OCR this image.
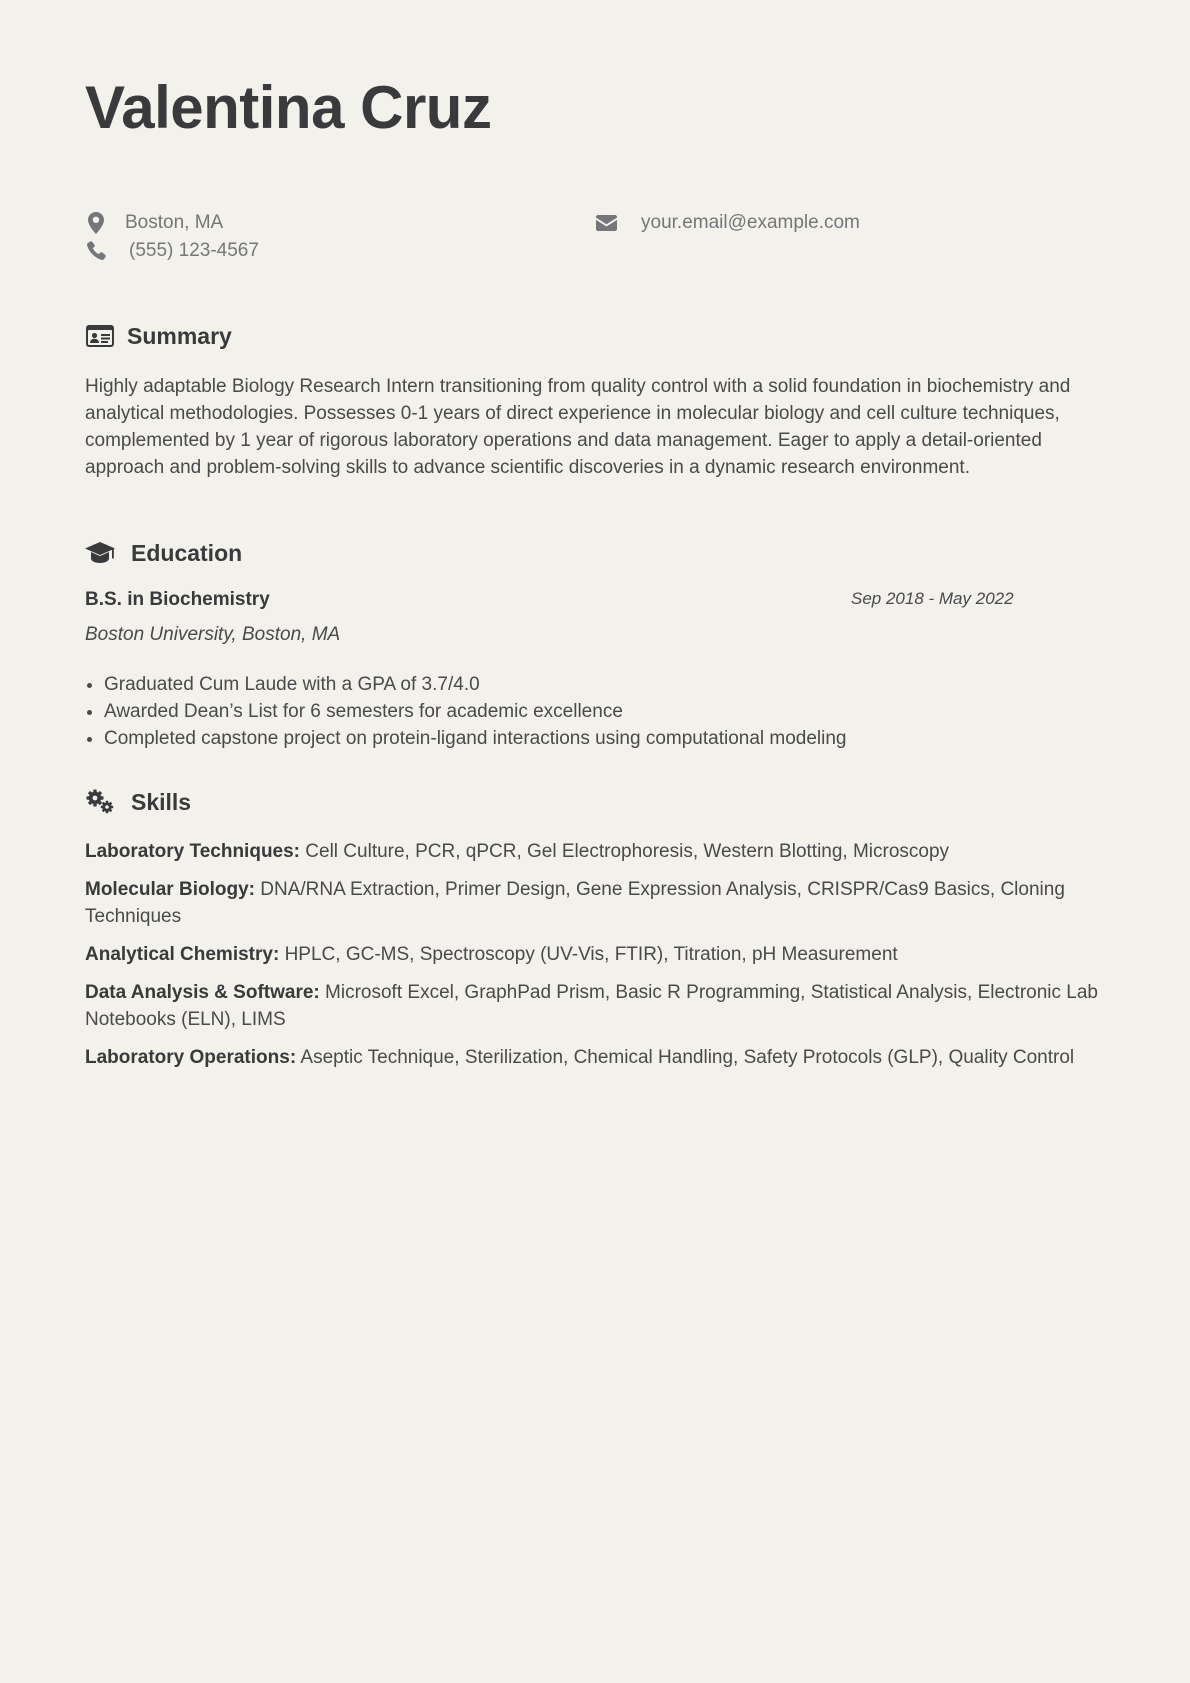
Valentina Cruz
Boston, MA	your.email@example.com
(555) 123-4567
Summary

Highly adaptable Biology Research Intern transitioning from quality control with a solid foundation in biochemistry and analytical methodologies. Possesses 0-1 years of direct experience in molecular biology and cell culture techniques, complemented by 1 year of rigorous laboratory operations and data management. Eager to apply a detail-oriented approach and problem-solving skills to advance scientific discoveries in a dynamic research environment.

Education
B.S. in Biochemistry	Sep 2018 - May 2022
Boston University, Boston, MA
Graduated Cum Laude with a GPA of 3.7/4.0
Awarded Dean’s List for 6 semesters for academic excellence
Completed capstone project on protein-ligand interactions using computational modeling
Skills

Laboratory Techniques: Cell Culture, PCR, qPCR, Gel Electrophoresis, Western Blotting, Microscopy

Molecular Biology: DNA/RNA Extraction, Primer Design, Gene Expression Analysis, CRISPR/Cas9 Basics, Cloning Techniques

Analytical Chemistry: HPLC, GC-MS, Spectroscopy (UV-Vis, FTIR), Titration, pH Measurement

Data Analysis & Software: Microsoft Excel, GraphPad Prism, Basic R Programming, Statistical Analysis, Electronic Lab Notebooks (ELN), LIMS

Laboratory Operations: Aseptic Technique, Sterilization, Chemical Handling, Safety Protocols (GLP), Quality Control
